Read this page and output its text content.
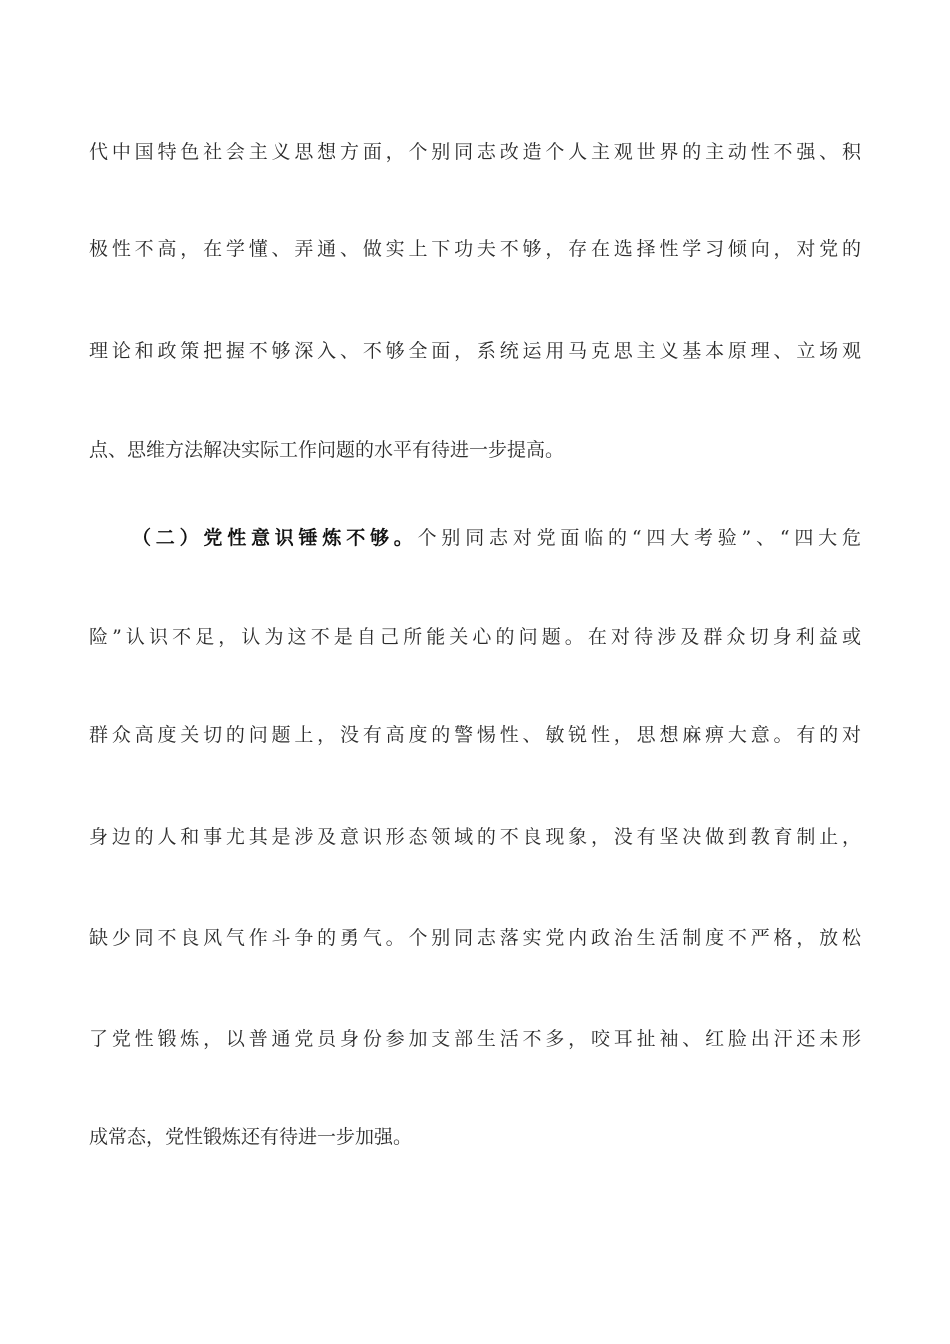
代中国特色社会主义思想方面，个别同志改造个人主观世界的主动性不强、积
极性不高，在学懂、弄通、做实上下功夫不够，存在选择性学习倾向，对党的
理论和政策把握不够深入、不够全面，系统运用马克思主义基本原理、立场观
点、思维方法解决实际工作问题的水平有待进一步提高。
（二）党性意识锤炼不够。个别同志对党面临的“四大考验”、“四大危
险”认识不足，认为这不是自己所能关心的问题。在对待涉及群众切身利益或
群众高度关切的问题上，没有高度的警惕性、敏锐性，思想麻痹大意。有的对
身边的人和事尤其是涉及意识形态领域的不良现象，没有坚决做到教育制止，
缺少同不良风气作斗争的勇气。个别同志落实党内政治生活制度不严格，放松
了党性锻炼，以普通党员身份参加支部生活不多，咬耳扯袖、红脸出汗还未形
成常态，党性锻炼还有待进一步加强。
